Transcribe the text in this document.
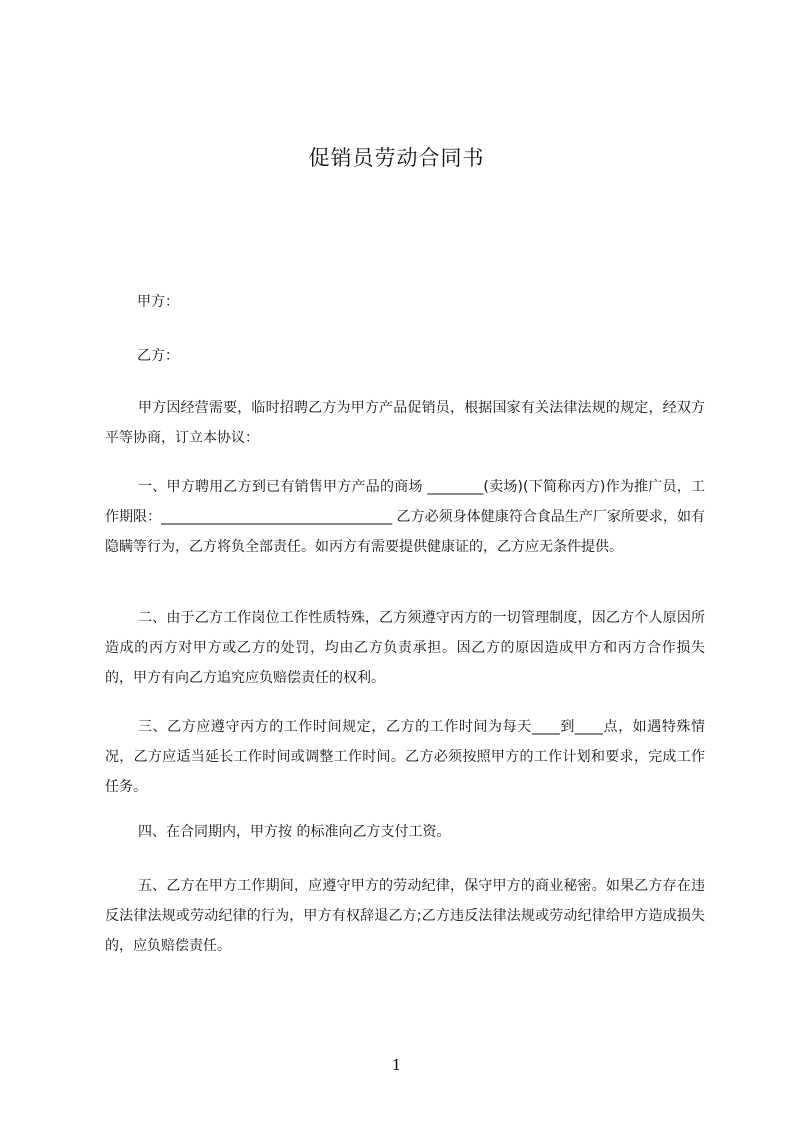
促销员劳动合同书
甲方：
乙方：
甲方因经营需要，临时招聘乙方为甲方产品促销员，根据国家有关法律法规的规定，经双方平等协商，订立本协议：
一、甲方聘用乙方到已有销售甲方产品的商场 ________(卖场)(下简称丙方)作为推广员，工作期限：_________________________________ 乙方必须身体健康符合食品生产厂家所要求，如有隐瞒等行为，乙方将负全部责任。如丙方有需要提供健康证的，乙方应无条件提供。
二、由于乙方工作岗位工作性质特殊，乙方须遵守丙方的一切管理制度，因乙方个人原因所造成的丙方对甲方或乙方的处罚，均由乙方负责承担。因乙方的原因造成甲方和丙方合作损失的，甲方有向乙方追究应负赔偿责任的权利。
三、乙方应遵守丙方的工作时间规定，乙方的工作时间为每天____到____点，如遇特殊情况，乙方应适当延长工作时间或调整工作时间。乙方必须按照甲方的工作计划和要求，完成工作任务。
四、在合同期内，甲方按 的标准向乙方支付工资。
五、乙方在甲方工作期间，应遵守甲方的劳动纪律，保守甲方的商业秘密。如果乙方存在违反法律法规或劳动纪律的行为，甲方有权辞退乙方;乙方违反法律法规或劳动纪律给甲方造成损失的，应负赔偿责任。
1
